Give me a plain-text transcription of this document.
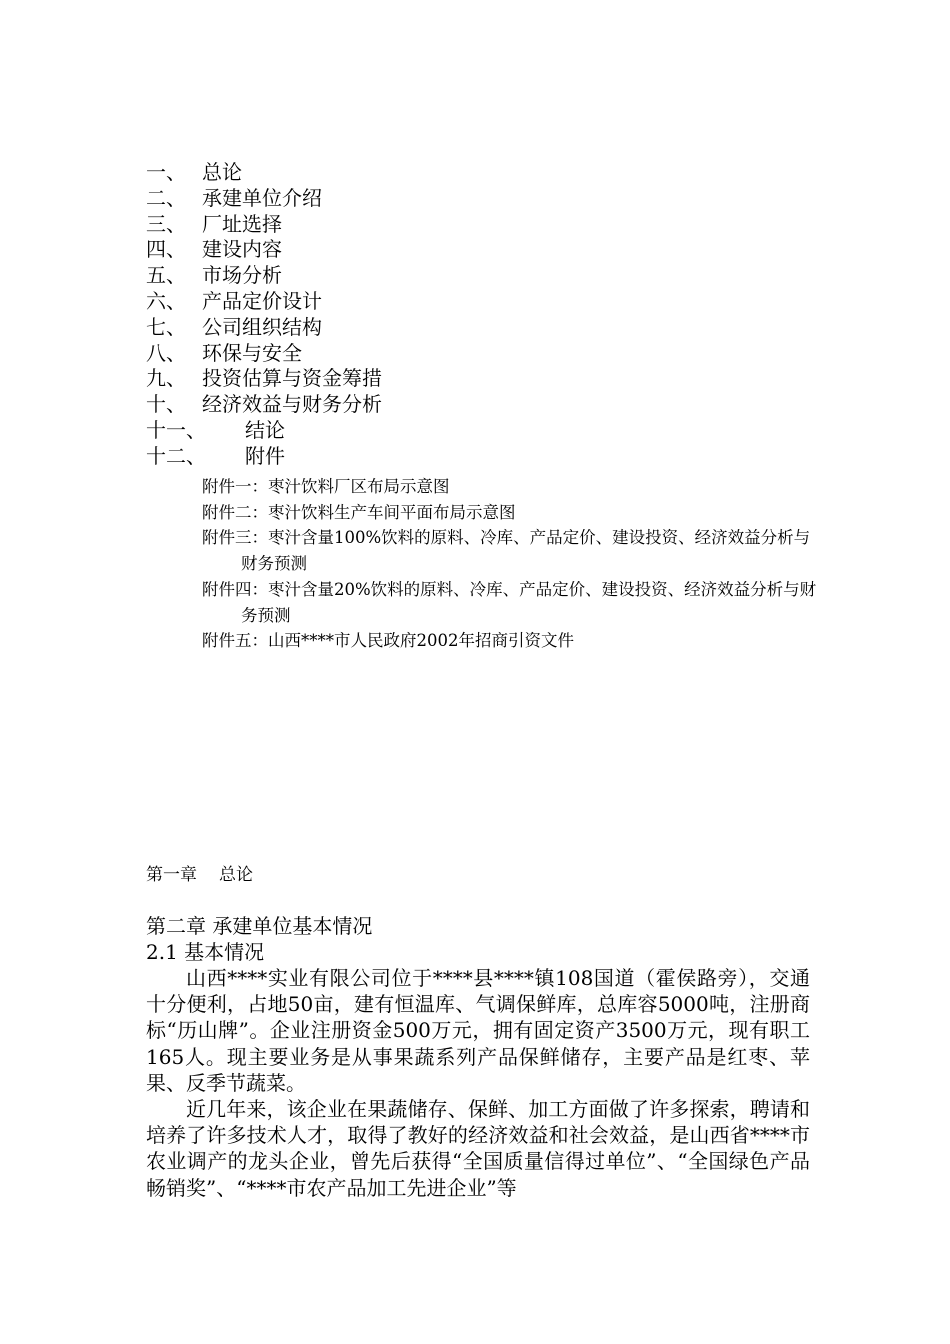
一、 总论
二、 承建单位介绍
三、 厂址选择
四、 建设内容
五、 市场分析
六、 产品定价设计
七、 公司组织结构
八、 环保与安全
九、 投资估算与资金筹措
十、 经济效益与财务分析
十一、	结论
十二、	附件

附件一：枣汁饮料厂区布局示意图

附件二：枣汁饮料生产车间平面布局示意图

附件三：枣汁含量100%饮料的原料、冷库、产品定价、建设投资、经济效益分析与财务预测

附件四：枣汁含量20%饮料的原料、冷库、产品定价、建设投资、经济效益分析与财务预测

附件五：山西****市人民政府2002年招商引资文件

第一章 总论
第二章 承建单位基本情况
2.1 基本情况

山西****实业有限公司位于****县****镇108国道（霍侯路旁），交通十分便利，占地50亩，建有恒温库、气调保鲜库，总库容5000吨，注册商标“历山牌”。企业注册资金500万元，拥有固定资产3500万元，现有职工165人。现主要业务是从事果蔬系列产品保鲜储存，主要产品是红枣、苹果、反季节蔬菜。

近几年来，该企业在果蔬储存、保鲜、加工方面做了许多探索，聘请和培养了许多技术人才，取得了教好的经济效益和社会效益，是山西省****市农业调产的龙头企业，曾先后获得“全国质量信得过单位”、“全国绿色产品畅销奖”、“****市农产品加工先进企业”等
